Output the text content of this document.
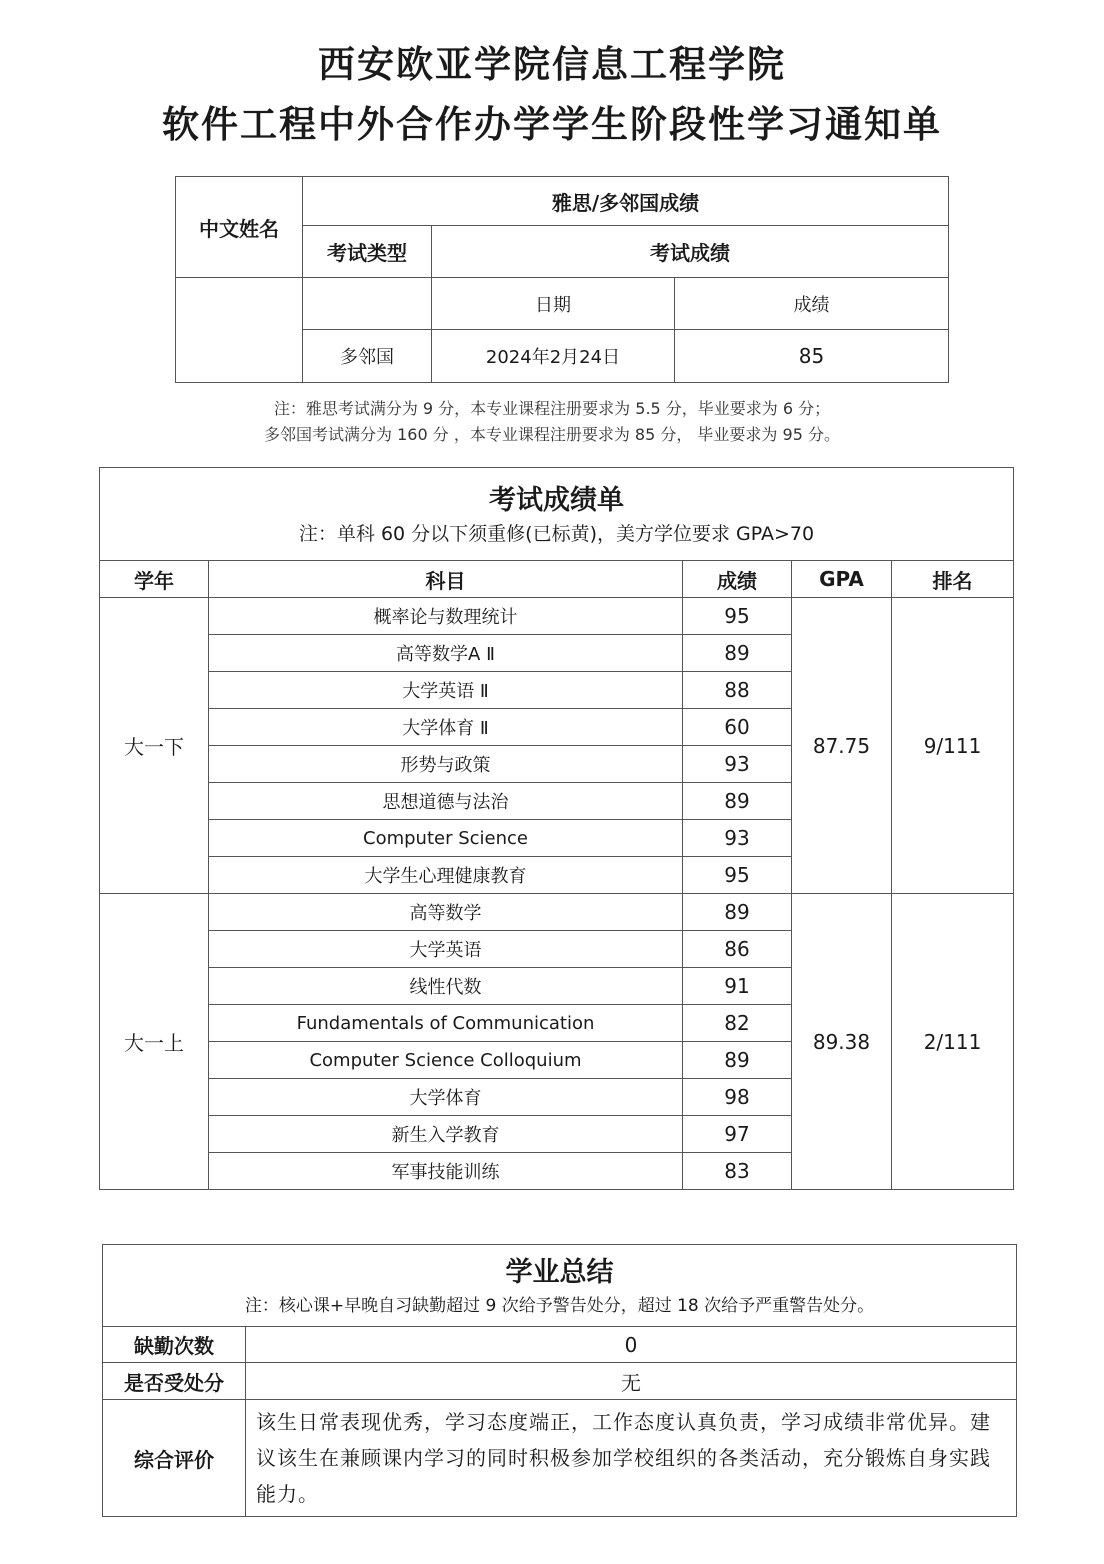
西安欧亚学院信息工程学院
软件工程中外合作办学学生阶段性学习通知单
中文姓名	雅思/多邻国成绩		
	考试类型	考试成绩	
		日期	成绩
	多邻国	2024年2月24日	85
注：雅思考试满分为 9 分，本专业课程注册要求为 5.5 分，毕业要求为 6 分；
多邻国考试满分为 160 分 ，本专业课程注册要求为 85 分， 毕业要求为 95 分。
考试成绩单
注：单科 60 分以下须重修(已标黄)，美方学位要求 GPA>70				

学年	科目	成绩	GPA	排名
大一下	概率论与数理统计	95	87.75	9/111
	高等数学A Ⅱ	89		
	大学英语 Ⅱ	88		
	大学体育 Ⅱ	60		
	形势与政策	93		
	思想道德与法治	89		
	Computer Science	93		
	大学生心理健康教育	95		
大一上	高等数学	89	89.38	2/111
	大学英语	86		
	线性代数	91		
	Fundamentals of Communication	82		
	Computer Science Colloquium	89		
	大学体育	98		
	新生入学教育	97		
	军事技能训练	83		
学业总结
注：核心课+早晚自习缺勤超过 9 次给予警告处分，超过 18 次给予严重警告处分。	

缺勤次数	0
是否受处分	无
综合评价	该生日常表现优秀，学习态度端正，工作态度认真负责，学习成绩非常优异。建议该生在兼顾课内学习的同时积极参加学校组织的各类活动，充分锻炼自身实践能力。
